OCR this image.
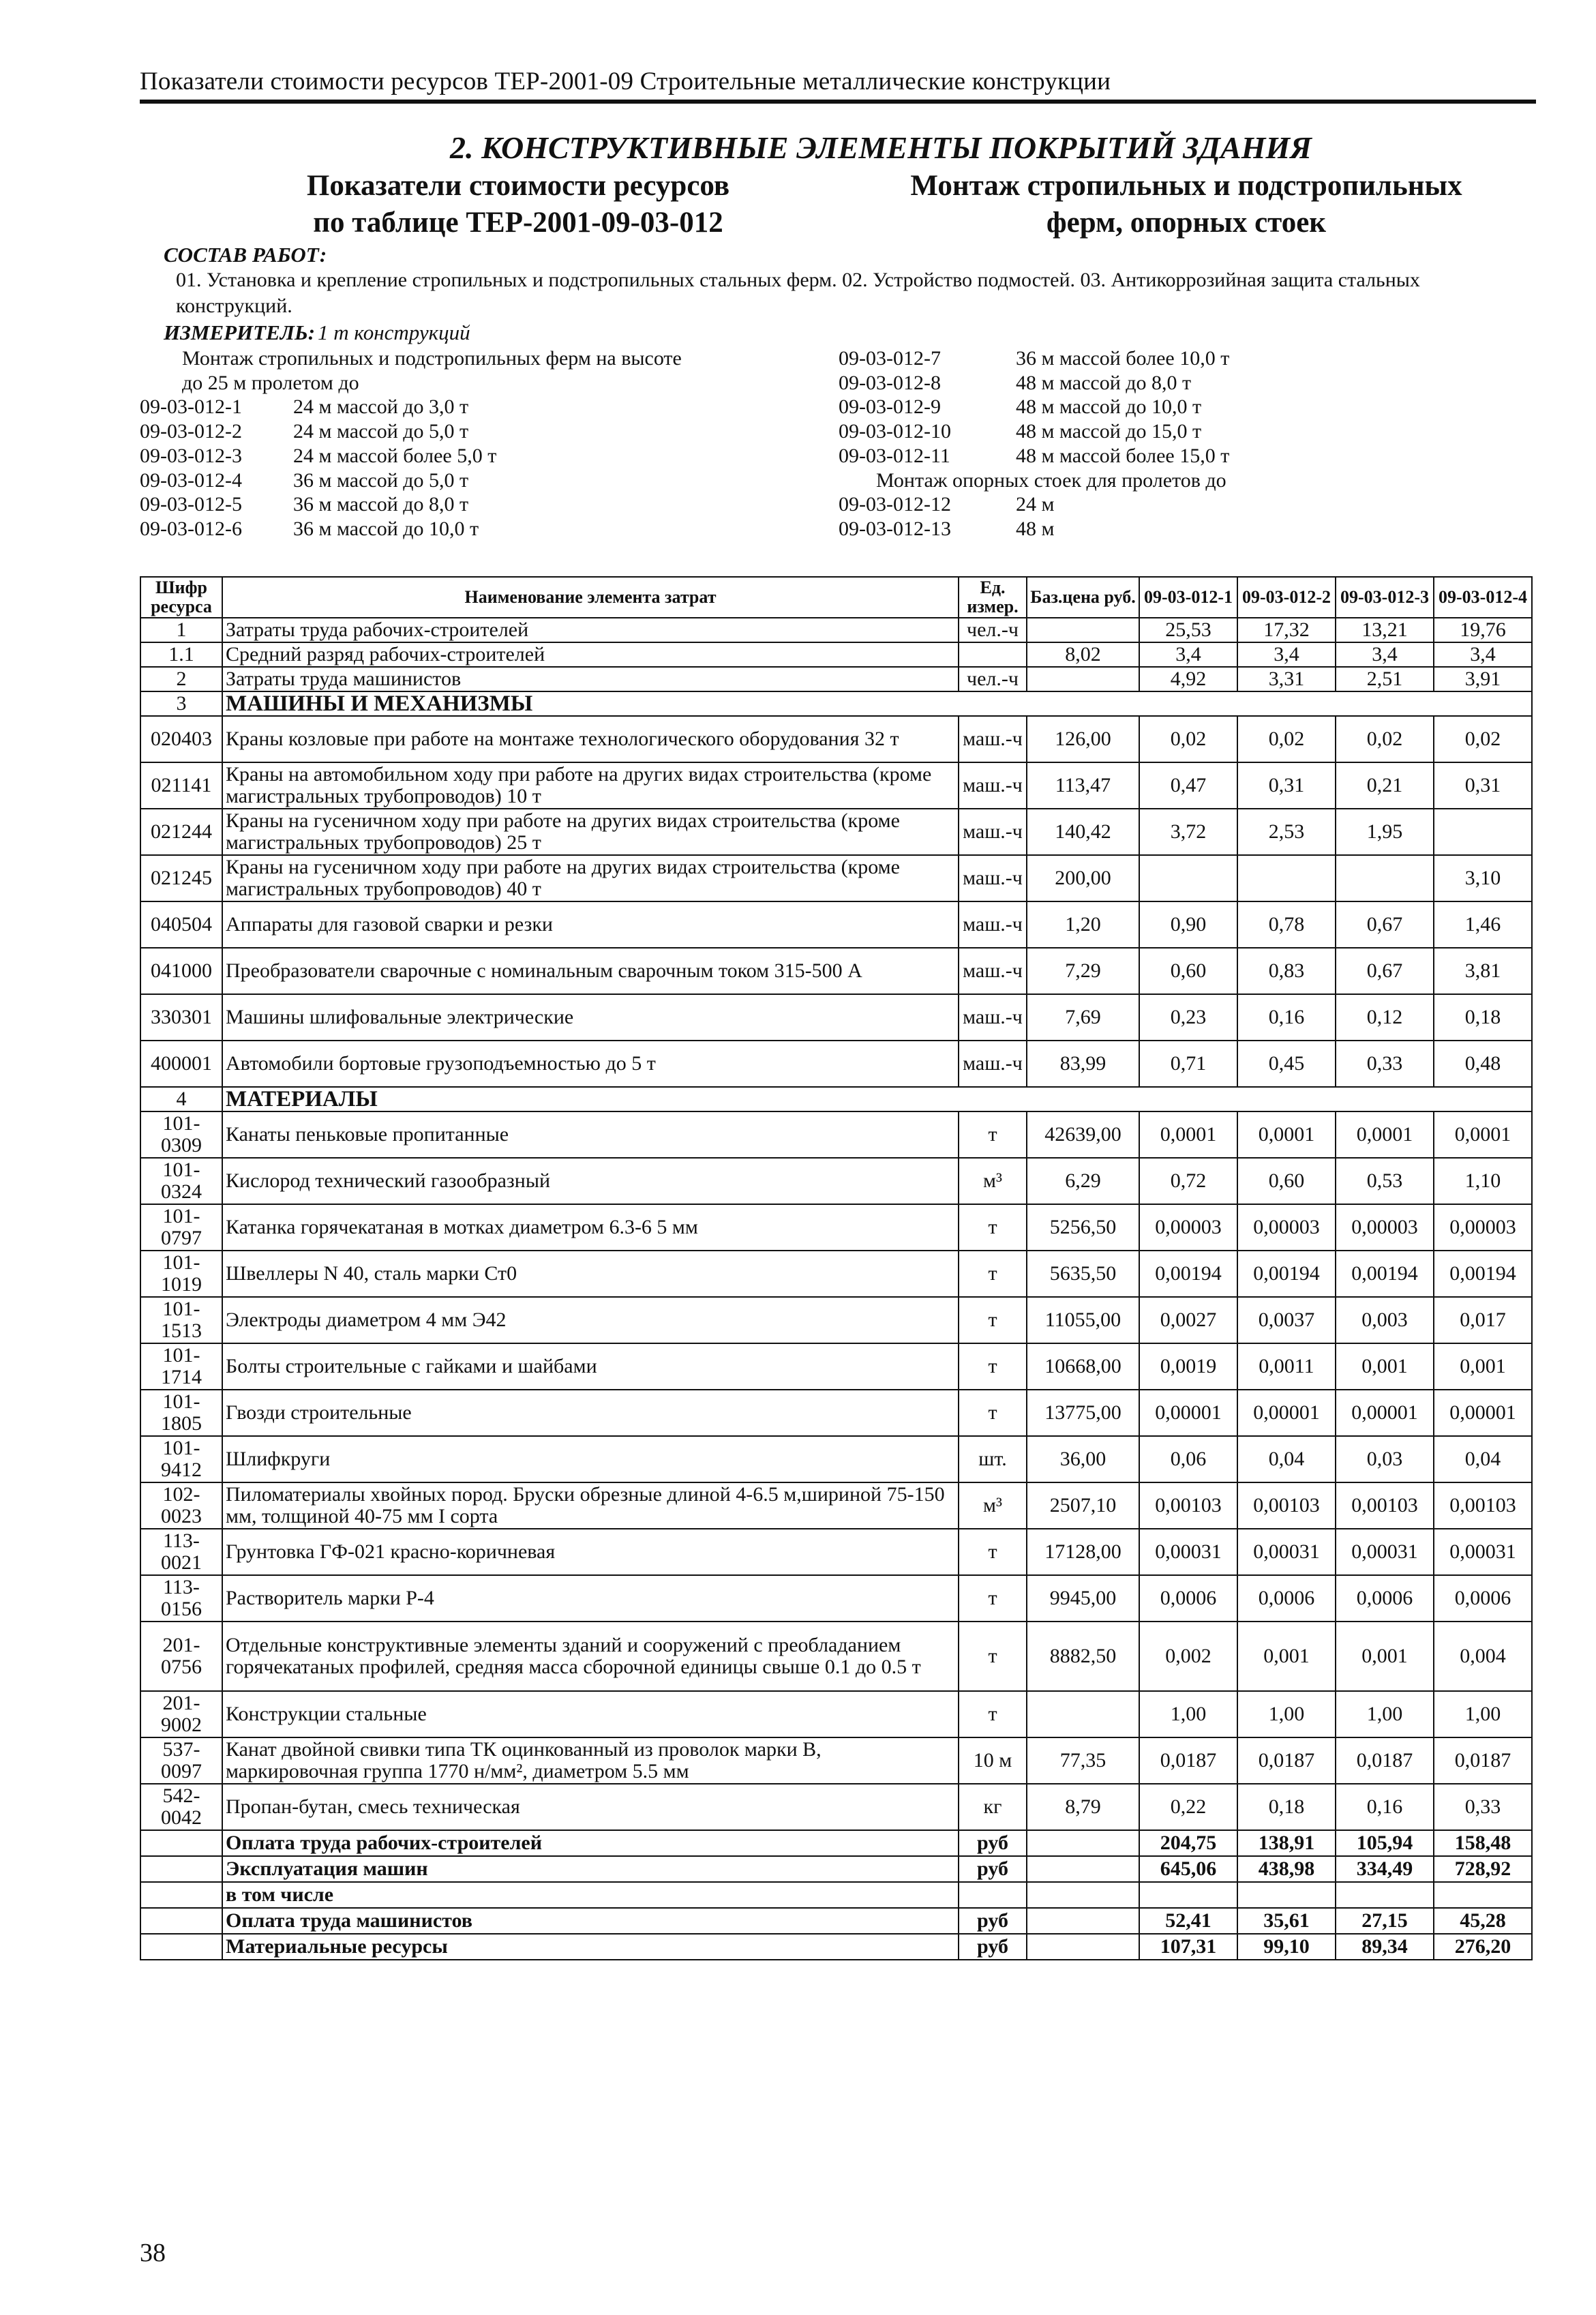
Показатели стоимости ресурсов ТЕР-2001-09 Строительные металлические конструкции
2. КОНСТРУКТИВНЫЕ ЭЛЕМЕНТЫ ПОКРЫТИЙ ЗДАНИЯ
Показатели стоимости ресурсов
по таблице ТЕР-2001-09-03-012
Монтаж стропильных и подстропильных
ферм, опорных стоек
СОСТАВ РАБОТ:
01. Установка и крепление стропильных и подстропильных стальных ферм. 02. Устройство подмостей. 03. Антикоррозийная защита стальных конструкций.
ИЗМЕРИТЕЛЬ: 1 т конструкций
Монтаж стропильных и подстропильных ферм на высоте
до 25 м пролетом до
09-03-012-1	24 м массой до 3,0 т
09-03-012-2	24 м массой до 5,0 т
09-03-012-3	24 м массой более 5,0 т
09-03-012-4	36 м массой до 5,0 т
09-03-012-5	36 м массой до 8,0 т
09-03-012-6	36 м массой до 10,0 т
09-03-012-7	36 м массой более 10,0 т
09-03-012-8	48 м массой до 8,0 т
09-03-012-9	48 м массой до 10,0 т
09-03-012-10	48 м массой до 15,0 т
09-03-012-11	48 м массой более 15,0 т
Монтаж опорных стоек для пролетов до
09-03-012-12	24 м
09-03-012-13	48 м
Шифр ресурса	Наименование элемента затрат	Ед. измер.	Баз.цена руб.	09-03-012-1	09-03-012-2	09-03-012-3	09-03-012-4
1	Затраты труда рабочих-строителей	чел.-ч		25,53	17,32	13,21	19,76
1.1	Средний разряд рабочих-строителей		8,02	3,4	3,4	3,4	3,4
2	Затраты труда машинистов	чел.-ч		4,92	3,31	2,51	3,91
3	МАШИНЫ И МЕХАНИЗМЫ						
020403	Краны козловые при работе на монтаже технологического оборудования 32 т	маш.-ч	126,00	0,02	0,02	0,02	0,02
021141	Краны на автомобильном ходу при работе на других видах строительства (кроме магистральных трубопроводов) 10 т	маш.-ч	113,47	0,47	0,31	0,21	0,31
021244	Краны на гусеничном ходу при работе на других видах строительства (кроме магистральных трубопроводов) 25 т	маш.-ч	140,42	3,72	2,53	1,95	
021245	Краны на гусеничном ходу при работе на других видах строительства (кроме магистральных трубопроводов) 40 т	маш.-ч	200,00				3,10
040504	Аппараты для газовой сварки и резки	маш.-ч	1,20	0,90	0,78	0,67	1,46
041000	Преобразователи сварочные с номинальным сварочным током 315-500 А	маш.-ч	7,29	0,60	0,83	0,67	3,81
330301	Машины шлифовальные электрические	маш.-ч	7,69	0,23	0,16	0,12	0,18
400001	Автомобили бортовые грузоподъемностью до 5 т	маш.-ч	83,99	0,71	0,45	0,33	0,48
4	МАТЕРИАЛЫ						
101-0309	Канаты пеньковые пропитанные	т	42639,00	0,0001	0,0001	0,0001	0,0001
101-0324	Кислород технический газообразный	м³	6,29	0,72	0,60	0,53	1,10
101-0797	Катанка горячекатаная в мотках диаметром 6.3-6 5 мм	т	5256,50	0,00003	0,00003	0,00003	0,00003
101-1019	Швеллеры N 40, сталь марки Ст0	т	5635,50	0,00194	0,00194	0,00194	0,00194
101-1513	Электроды диаметром 4 мм Э42	т	11055,00	0,0027	0,0037	0,003	0,017
101-1714	Болты строительные с гайками и шайбами	т	10668,00	0,0019	0,0011	0,001	0,001
101-1805	Гвозди строительные	т	13775,00	0,00001	0,00001	0,00001	0,00001
101-9412	Шлифкруги	шт.	36,00	0,06	0,04	0,03	0,04
102-0023	Пиломатериалы хвойных пород. Бруски обрезные длиной 4-6.5 м,шириной 75-150 мм, толщиной 40-75 мм I сорта	м³	2507,10	0,00103	0,00103	0,00103	0,00103
113-0021	Грунтовка ГФ-021 красно-коричневая	т	17128,00	0,00031	0,00031	0,00031	0,00031
113-0156	Растворитель марки Р-4	т	9945,00	0,0006	0,0006	0,0006	0,0006
201-0756	Отдельные конструктивные элементы зданий и сооружений с преобладанием горячекатаных профилей, средняя масса сборочной единицы свыше 0.1 до 0.5 т	т	8882,50	0,002	0,001	0,001	0,004
201-9002	Конструкции стальные	т		1,00	1,00	1,00	1,00
537-0097	Канат двойной свивки типа ТК оцинкованный из проволок марки В, маркировочная группа 1770 н/мм², диаметром 5.5 мм	10 м	77,35	0,0187	0,0187	0,0187	0,0187
542-0042	Пропан-бутан, смесь техническая	кг	8,79	0,22	0,18	0,16	0,33
	Оплата труда рабочих-строителей	руб		204,75	138,91	105,94	158,48
	Эксплуатация машин	руб		645,06	438,98	334,49	728,92
	в том числе						
	Оплата труда машинистов	руб		52,41	35,61	27,15	45,28
	Материальные ресурсы	руб		107,31	99,10	89,34	276,20
38
